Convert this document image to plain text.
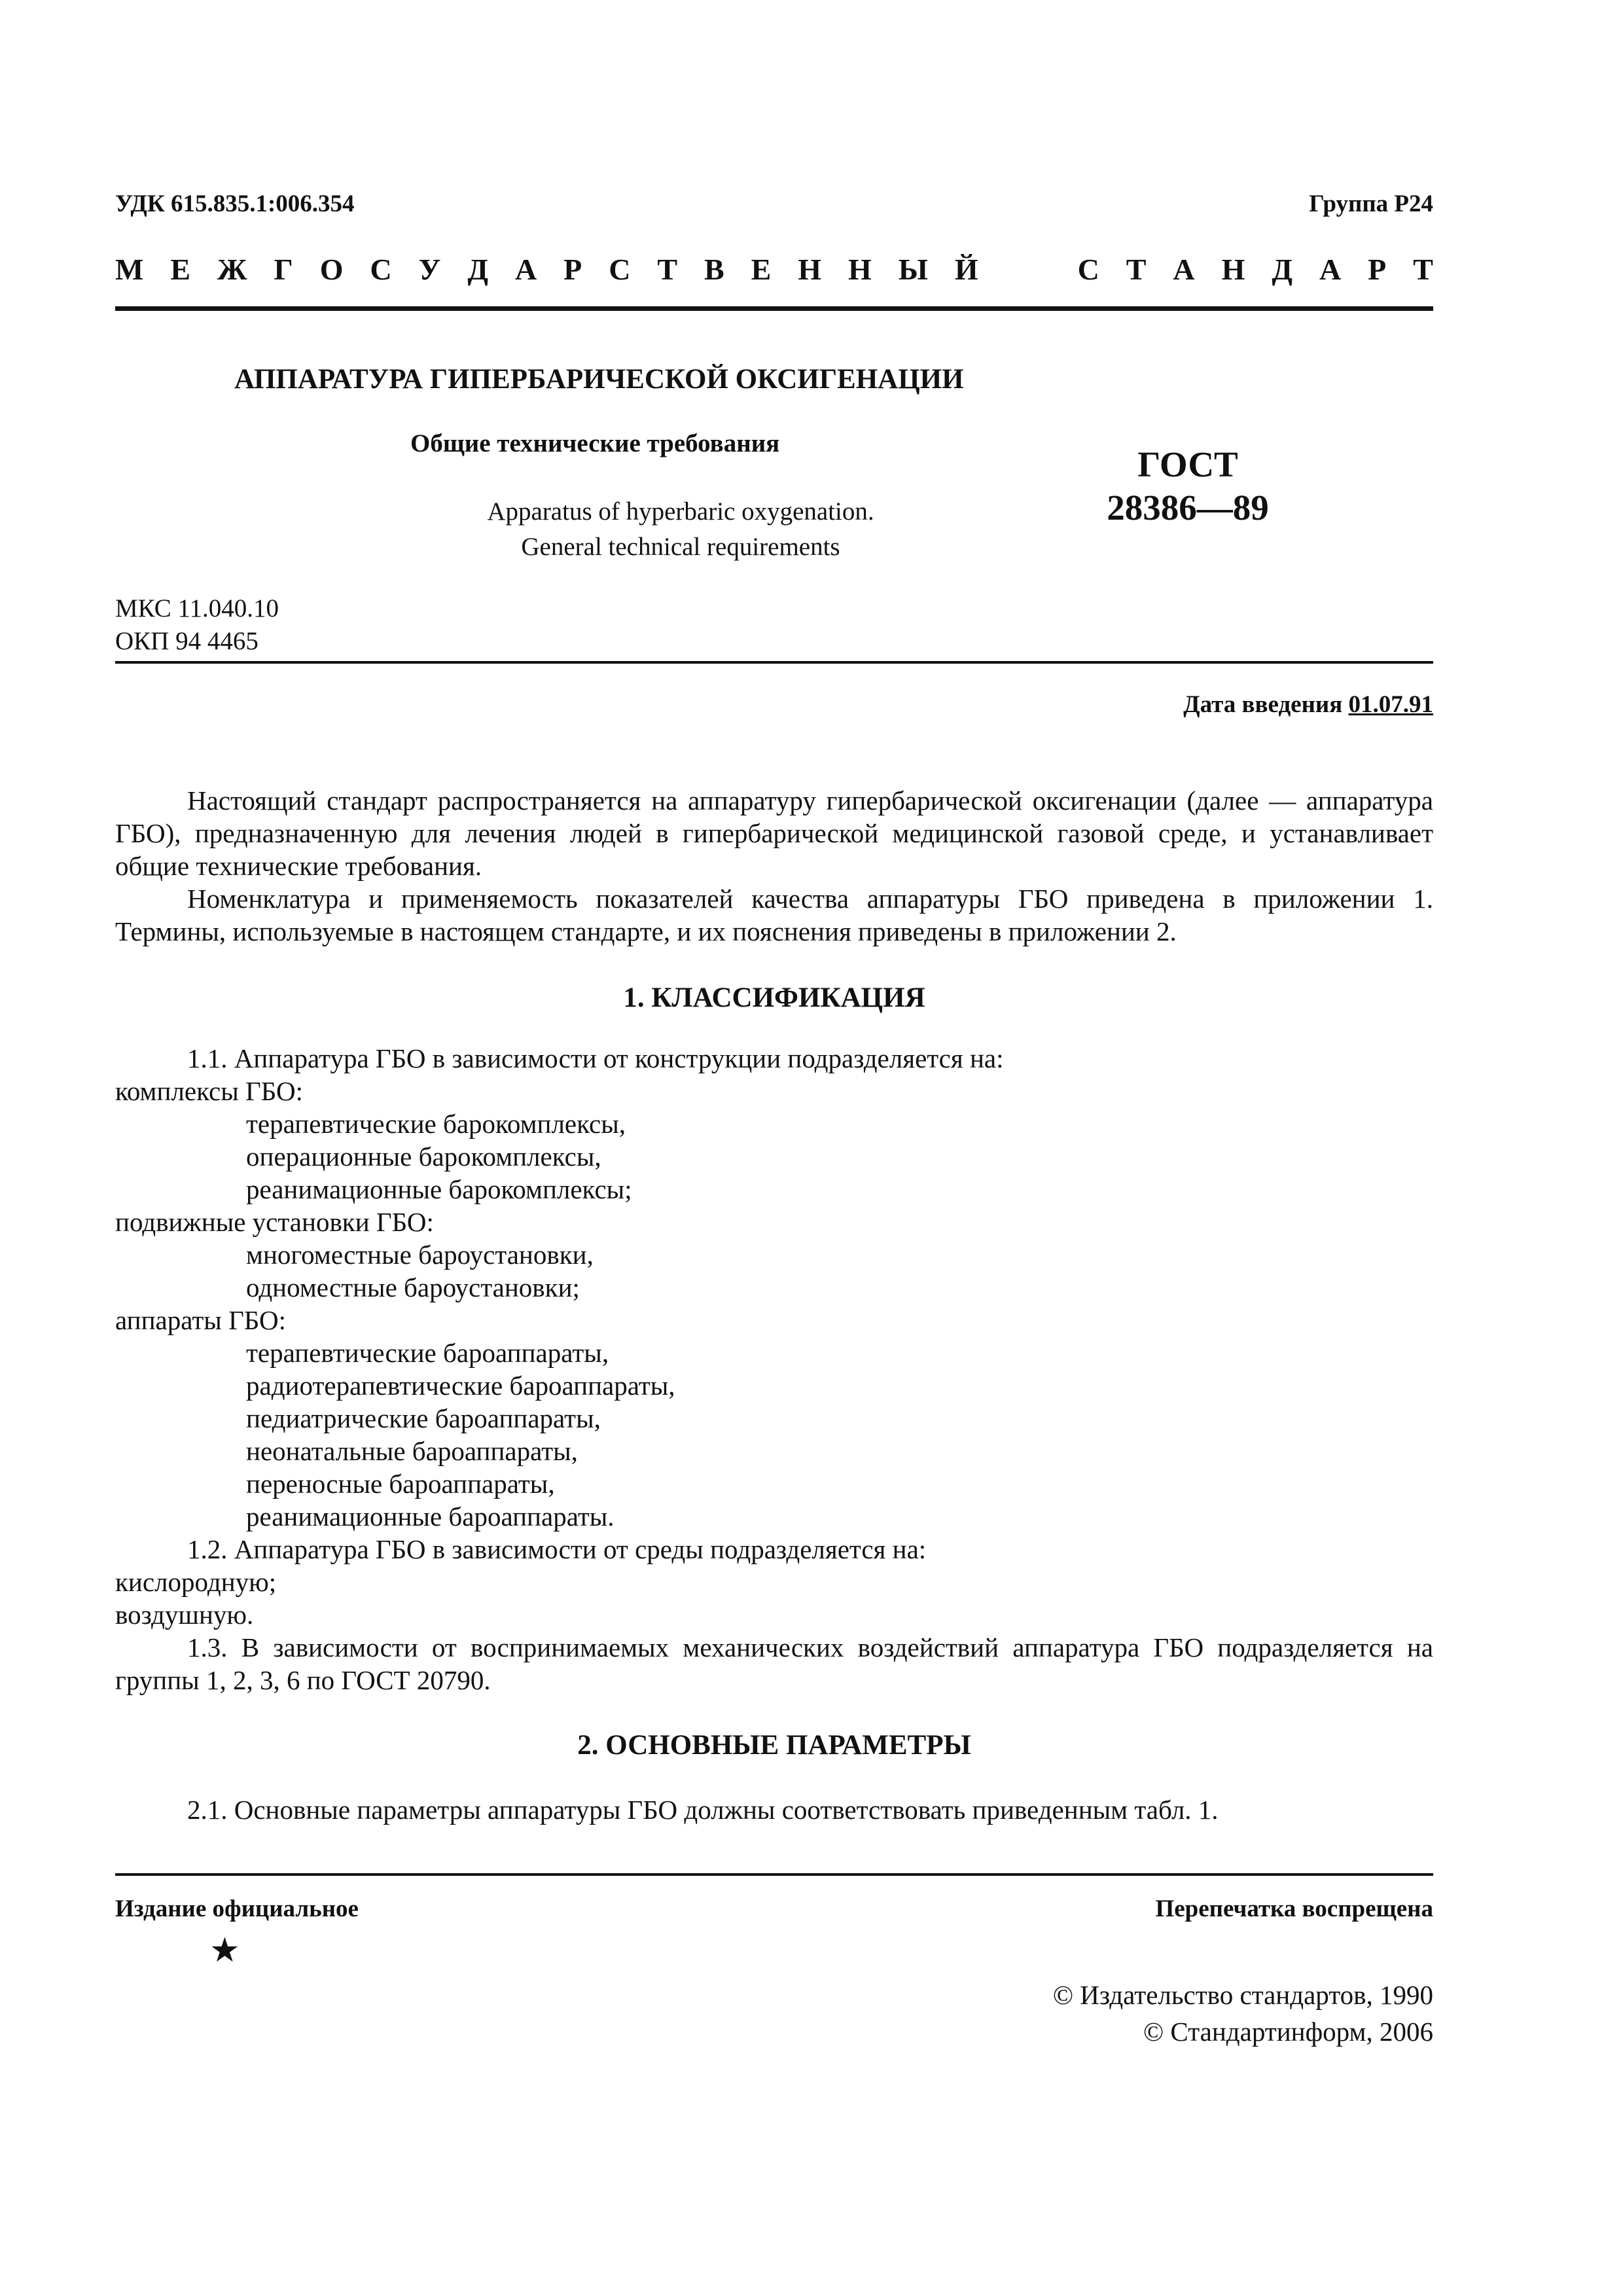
УДК 615.835.1:006.354	Группа Р24
М Е Ж Г О С У Д А Р С Т В Е Н Н Ы Й	С Т А Н Д А Р Т
АППАРАТУРА ГИПЕРБАРИЧЕСКОЙ ОКСИГЕНАЦИИ
Общие технические требования
Apparatus of hyperbaric oxygenation.
General technical requirements
ГОСТ
28386—89
МКС 11.040.10
ОКП 94 4465
Дата введения 01.07.91

Настоящий стандарт распространяется на аппаратуру гипербарической оксигенации (далее — аппаратура ГБО), предназначенную для лечения людей в гипербарической медицинской газовой среде, и устанавливает общие технические требования.

Номенклатура и применяемость показателей качества аппаратуры ГБО приведена в приложении 1. Термины, используемые в настоящем стандарте, и их пояснения приведены в приложении 2.

1. КЛАССИФИКАЦИЯ

1.1. Аппаратура ГБО в зависимости от конструкции подразделяется на:

комплексы ГБО:

терапевтические барокомплексы,

операционные барокомплексы,

реанимационные барокомплексы;

подвижные установки ГБО:

многоместные бароустановки,

одноместные бароустановки;

аппараты ГБО:

терапевтические бароаппараты,

радиотерапевтические бароаппараты,

педиатрические бароаппараты,

неонатальные бароаппараты,

переносные бароаппараты,

реанимационные бароаппараты.

1.2. Аппаратура ГБО в зависимости от среды подразделяется на:

кислородную;

воздушную.

1.3. В зависимости от воспринимаемых механических воздействий аппаратура ГБО подразделяется на группы 1, 2, 3, 6 по ГОСТ 20790.

2. ОСНОВНЫЕ ПАРАМЕТРЫ

2.1. Основные параметры аппаратуры ГБО должны соответствовать приведенным табл. 1.

Издание официальное	Перепечатка воспрещена
★
© Издательство стандартов, 1990
© Стандартинформ, 2006
